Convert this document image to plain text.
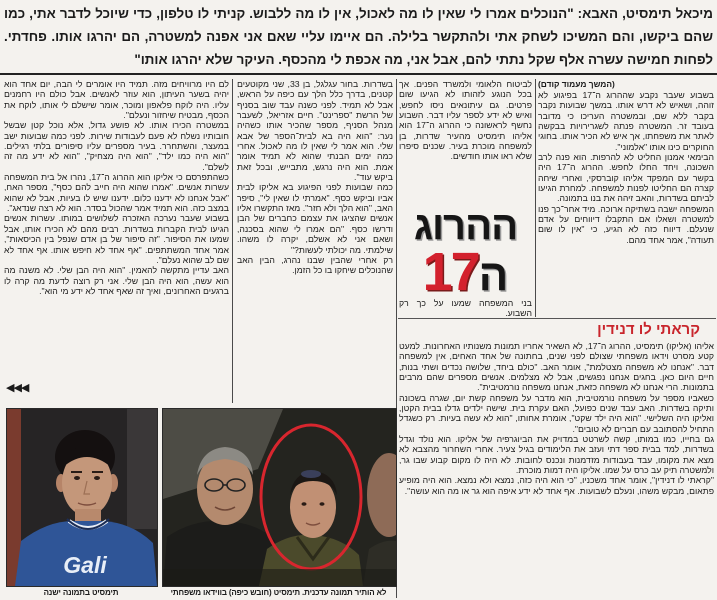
מיכאל תימסיט, האבא: "הנוכלים אמרו לי שאין לו מה לאכול, אין לו מה ללבוש. קניתי לו טלפון, כדי שיוכל לדבר אתי, כמו שהם ביקשו, והם המשיכו לשחק אתי ולהתקשר בלילה. הם איימו עליי שאם אני אפנה למשטרה, הם יהרגו אותו. פחדתי. לפחות חמישה עשרה אלף שקל נתתי להם, אבל אני, מה אכפת לי מהכסף. העיקר שלא יהרגו אותו"

(המשך מעמוד קודם)

בשבוע שעבר נקבע שההרוג ה־17 בפיגוע לא זוהה, ושאיש לא דרש אותו. במשך שבועות נקבר בקבר ללא שם, ובמשטרה העריכו כי מדובר בעובד זר. המשטרה פנתה לשגרירויות בבקשה לאתר את משפחתו, אך איש לא הכיר אותו. בחוגי החוקרים כינו אותו "אלמוני".

הבימאי אמנון החליט לא להרפות. הוא פנה לרב השכונה, ויחד החלו לחפש. ההרוג ה־17 היה בקשר עם המפקד אליהו קוברסקי, ואחרי שיחה קצרה הם החליטו לפנות למשפחה. למחרת הגיעו לביתם בשדרות, והאב זיהה את בנו בתמונה.

המשפחה ישבה בשתיקה ארוכה. מיד אחר־כך פנו למשטרה ושאלו אם התקבלו דיווחים על אדם שנעלם. דיווח כזה לא הגיע, כי "אין לו שום תעודה", אמר אחד מהם.

לביטוח הלאומי ולמשרד הפנים. אך בכל הנוגע לזהותו לא הגיעו שום פרטים. גם עיתונאים ניסו לחפש, ואיש לא ידע לספר עליו דבר. השבוע נחשף לראשונה כי ההרוג ה־17 הוא אליהו תימסיט מהעיר שדרות, בן למשפחה מוכרת בעיר. שכנים סיפרו שלא ראו אותו חודשים.

ההרוג
ה17

בני המשפחה שמעו על כך רק השבוע.

קראתי לו דנידין

אליהו (אליקו) תימסיט, ההרוג ה־17, לא השאיר אחריו תמונות משנותיו האחרונות. למעט קטע מסרט וידאו משפחתי שצולם לפני שנים, בחתונה של אחד האחים, אין למשפחה דבר. "אנחנו לא משפחה מצטלמת", אומר האב. "כולם ביחד, שלושה נכדים ושתי בנות, חיים היום כאן. בחגים אנחנו נפגשים, אבל לא מצלמים. אנשים מספרים שהם מרבים בתמונות. הרי אנחנו לא משפחה כזאת, אנחנו משפחה נורמטיבית".

כשאביו מספר על משפחה נורמטיבית, הוא מדבר על משפחה קשת יום, שגרה בשכונה ותיקה בשדרות. האב עבד שנים כפועל, האם עקרת בית. שישה ילדים גדלו בבית הקטן, ואליקו היה השלישי. "הוא היה ילד שקט", אומרת אחותו, "הוא לא עשה בעיות. רק כשגדל התחיל להסתובב עם חברים לא טובים".

גם בחייו, כמו במותו, קשה לשרטט במדויק את הביוגרפיה של אליקו. הוא נולד וגדל בשדרות, למד בבית ספר דתי ועזב את הלימודים בגיל צעיר. אחרי השחרור מהצבא לא מצא את מקומו, עבד בעבודות מזדמנות ונכנס לחובות. לא היה לו מקום קבוע שבו גר, ולמשטרה תיק עב כרס על שמו. אליקו היה דמות מוכרת.

"קראתי לו דנידין", אומר אחד משכניו, "כי הוא היה כזה, נמצא ולא נמצא. הוא היה מופיע פתאום, מבקש משהו, ונעלם לשבועות. אף אחד לא ידע איפה הוא גר או מה הוא עושה".

בשדרות. בחור עגלגל, בן 33, שני מקוטעים קטנים, בדרך כלל הלך עם כיפה על הראש, אבל לא תמיד. לפני כשנה עבד שוב בסניף של הרשת "ספרינט". חיים אזריאל, לשעבר מנהל הסניף, מספר שהכיר אותו כשהיה נער: "הוא היה בא לבית־הספר של אבא שלי. הוא אמר לי שאין לו מה לאכול. אחרי כמה ימים הבנתי שהוא לא תמיד אומר אמת. הוא היה נרגש, מתבייש, ובכל זאת ביקש עוד".

כמה שבועות לפני הפיגוע בא אליקו לבית אביו וביקש כסף. "אמרתי לו שאין לי", סיפר האב, "הוא הלך ולא חזר". מאז התקשרו אליו אנשים שהציגו את עצמם כחברים של הבן ודרשו כסף. "הם אמרו לי שהוא בסכנה, ושאם אני לא אשלם, יקרה לו משהו. שילמתי. מה יכולתי לעשות?"

רק אחרי שהבין שבנו נהרג, הבין האב שהנוכלים שיחקו בו כל הזמן.

לם היו מרוויחים מזה. תמיד היו אומרים לי הבה, יום אחד הוא יהיה בשער העיתון, הוא עוזר לאנשים. אבל כולם היו רחמנים עליו. היה לוקח פלאפון ומוכר, אומר שישלם לי אותו, לוקח את הכסף, מבטיח שיחזור ונעלם".

במשטרה הכירו אותו. לא פושע גדול, אלא נוכל קטן שבשל חובותיו נשלח לא פעם לעבודות שירות. לפני כמה שבועות ישב במעצר, והשתחרר. בעיר מספרים עליו סיפורים בלתי רגילים. "הוא היה כמו ילד", "הוא היה מצחיק", "הוא לא ידע מה זה לשלם".

כשהתפרסם כי אליקו הוא ההרוג ה־17, נהרו אל בית המשפחה עשרות אנשים. "אמרו שהוא היה חייב להם כסף", מספר האח, "אבל אנחנו לא ידענו כלום. ידענו שיש לו בעיות, אבל לא שהוא במצב כזה. הוא תמיד אמר שהכול בסדר. הוא לא רצה שנדאג".

בשבוע שעבר נערכה האזכרה לשלושים במותו. עשרות אנשים הגיעו לבית הקברות בשדרות. רבים מהם לא הכירו אותו, אבל שמעו את הסיפור. "זה סיפור של בן אדם שנפל בין הכיסאות", אמר אחד המשתתפים. "אף אחד לא חיפש אותו. אף אחד לא שם לב שהוא נעלם".

האב עדיין מתקשה להאמין. "הוא היה הבן שלי. לא משנה מה הוא עשה, הוא היה הבן שלי. אני רק רוצה לדעת מה קרה לו ברגעים האחרונים, ואיך זה שאף אחד לא ידע מי הוא".

◀◀◀
Gali
תימסיט בתמונה ישנה	לא הותיר תמונה עדכנית. תימסיט (חובש כיפה) בווידאו משפחתי
